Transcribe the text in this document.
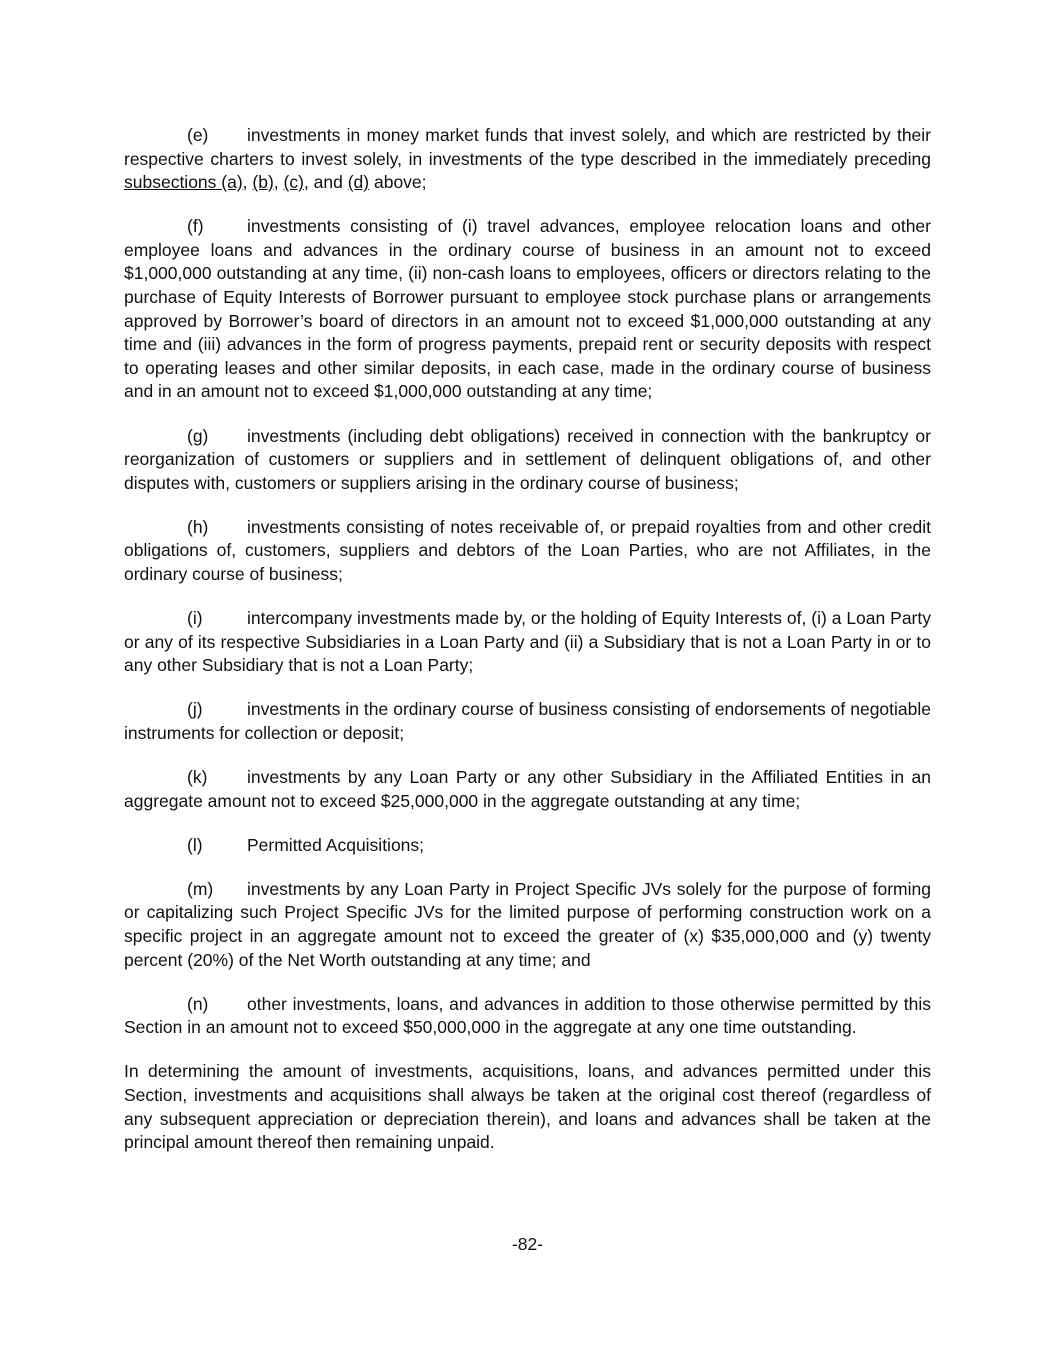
(e) investments in money market funds that invest solely, and which are restricted by their respective charters to invest solely, in investments of the type described in the immediately preceding subsections (a), (b), (c), and (d) above;

(f) investments consisting of (i) travel advances, employee relocation loans and other employee loans and advances in the ordinary course of business in an amount not to exceed $1,000,000 outstanding at any time, (ii) non-cash loans to employees, officers or directors relating to the purchase of Equity Interests of Borrower pursuant to employee stock purchase plans or arrangements approved by Borrower’s board of directors in an amount not to exceed $1,000,000 outstanding at any time and (iii) advances in the form of progress payments, prepaid rent or security deposits with respect to operating leases and other similar deposits, in each case, made in the ordinary course of business and in an amount not to exceed $1,000,000 outstanding at any time;

(g) investments (including debt obligations) received in connection with the bankruptcy or reorganization of customers or suppliers and in settlement of delinquent obligations of, and other disputes with, customers or suppliers arising in the ordinary course of business;

(h) investments consisting of notes receivable of, or prepaid royalties from and other credit obligations of, customers, suppliers and debtors of the Loan Parties, who are not Affiliates, in the ordinary course of business;

(i)	intercompany investments made by, or the holding of Equity Interests of, (i) a Loan Party or any of its respective Subsidiaries in a Loan Party and (ii) a Subsidiary that is not a Loan Party in or to any other Subsidiary that is not a Loan Party;

(j)	investments in the ordinary course of business consisting of endorsements of negotiable instruments for collection or deposit;

(k) investments by any Loan Party or any other Subsidiary in the Affiliated Entities in an aggregate amount not to exceed $25,000,000 in the aggregate outstanding at any time;

(l)	Permitted Acquisitions;

(m) investments by any Loan Party in Project Specific JVs solely for the purpose of forming or capitalizing such Project Specific JVs for the limited purpose of performing construction work on a specific project in an aggregate amount not to exceed the greater of (x) $35,000,000 and (y) twenty percent (20%) of the Net Worth outstanding at any time; and

(n) other investments, loans, and advances in addition to those otherwise permitted by this Section in an amount not to exceed $50,000,000 in the aggregate at any one time outstanding.

In determining the amount of investments, acquisitions, loans, and advances permitted under this Section, investments and acquisitions shall always be taken at the original cost thereof (regardless of any subsequent appreciation or depreciation therein), and loans and advances shall be taken at the principal amount thereof then remaining unpaid.

-82-
